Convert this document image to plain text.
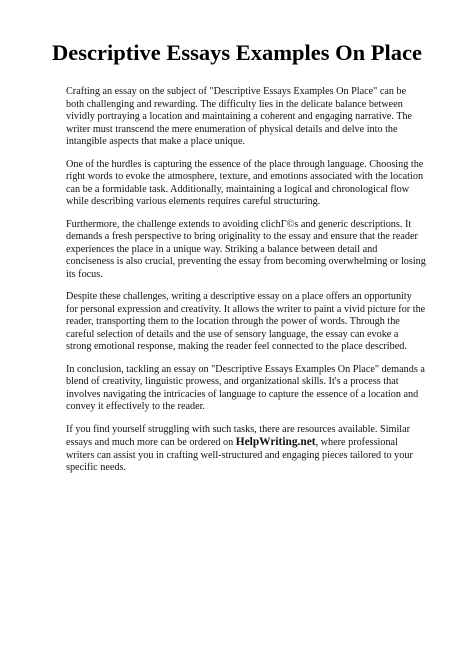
Descriptive Essays Examples On Place

Crafting an essay on the subject of "Descriptive Essays Examples On Place" can be both challenging and rewarding. The difficulty lies in the delicate balance between vividly portraying a location and maintaining a coherent and engaging narrative. The writer must transcend the mere enumeration of physical details and delve into the intangible aspects that make a place unique.

One of the hurdles is capturing the essence of the place through language. Choosing the right words to evoke the atmosphere, texture, and emotions associated with the location can be a formidable task. Additionally, maintaining a logical and chronological flow while describing various elements requires careful structuring.

Furthermore, the challenge extends to avoiding clichГ©s and generic descriptions. It demands a fresh perspective to bring originality to the essay and ensure that the reader experiences the place in a unique way. Striking a balance between detail and conciseness is also crucial, preventing the essay from becoming overwhelming or losing its focus.

Despite these challenges, writing a descriptive essay on a place offers an opportunity for personal expression and creativity. It allows the writer to paint a vivid picture for the reader, transporting them to the location through the power of words. Through the careful selection of details and the use of sensory language, the essay can evoke a strong emotional response, making the reader feel connected to the place described.

In conclusion, tackling an essay on "Descriptive Essays Examples On Place" demands a blend of creativity, linguistic prowess, and organizational skills. It's a process that involves navigating the intricacies of language to capture the essence of a location and convey it effectively to the reader.

If you find yourself struggling with such tasks, there are resources available. Similar essays and much more can be ordered on HelpWriting.net, where professional writers can assist you in crafting well-structured and engaging pieces tailored to your specific needs.
